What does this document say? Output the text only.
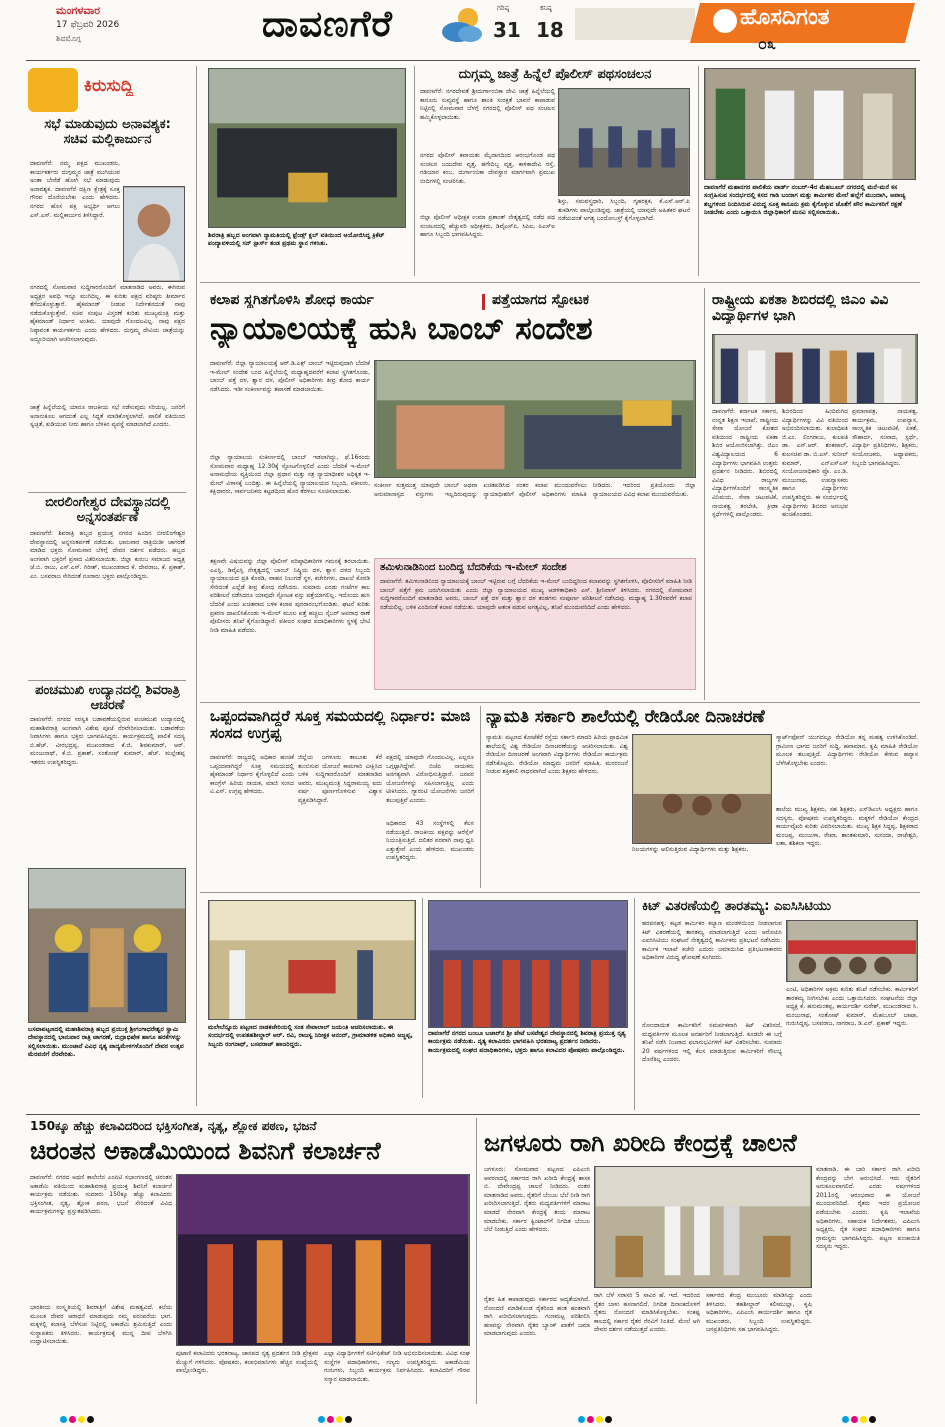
ಮಂಗಳವಾರ
17 ಫೆಬ್ರವರಿ 2026
ಶಿವಮೊಗ್ಗ	ದಾವಣಗೆರೆ	ಗರಿಷ್ಠ
31
ಕನಿಷ್ಠ
18	ಹೊಸದಿಗಂತ
೦೩
ಕಿರುಸುದ್ದಿ
ಸಭೆ ಮಾಡುವುದು ಅನಾವಶ್ಯಕ: ಸಚಿವ ಮಲ್ಲಿಕಾರ್ಜುನ
ದಾವಣಗೆರೆ: ನಮ್ಮ ಪಕ್ಷದ ಮುಖಂಡರು, ಕಾರ್ಯಕರ್ತರು ದುಗ್ಗಮ್ಮನ ಜಾತ್ರೆ ಮುಗಿಯುವ ಅಂತಾ ಬೇರೆಡೆ ಹೋಗಿ ಸಭೆ ಮಾಡುವುದು ಅನಾವಶ್ಯಕ. ದಾವಣಗೆರೆ ದಕ್ಷಿಣ ಕ್ಷೇತ್ರಕ್ಕೆ ಸೂಕ್ತ ಗೌರವ ದೊರೆಯಬೇಕು ಎಂದು ಹೇಳಿದರು. ನಗರದ ಹೊಸ ಪಕ್ಷ ಅಭ್ಯರ್ಥಿ ಆಗಲು ಎಸ್.ಎಸ್. ಮಲ್ಲಿಕಾರ್ಜುನ ತಿಳಿಸಿದ್ದಾರೆ.
ನಗರದಲ್ಲಿ ಸೋಮವಾರ ಸುದ್ದಿಗಾರರೊಂದಿಗೆ ಮಾತನಾಡಿದ ಅವರು, ಈಗಿರುವ ಅಧ್ಯಕ್ಷರ ಅವಧಿ ಇನ್ನೂ ಮುಗಿದಿಲ್ಲ. ಈ ಕುರಿತು ಪಕ್ಷದ ವರಿಷ್ಠರು ತೀರ್ಮಾನ ತೆಗೆದುಕೊಳ್ಳುತ್ತಾರೆ. ಹೈಕಮಾಂಡ್ ನೀಡುವ ನಿರ್ದೇಶನದಂತೆ ನಾವು ನಡೆದುಕೊಳ್ಳುತ್ತೇವೆ. ಸಚಿವ ಸಂಪುಟ ವಿಸ್ತರಣೆ ಕುರಿತು ಮುಖ್ಯಮಂತ್ರಿ ಮತ್ತು ಹೈಕಮಾಂಡ್ ನಿರ್ಧಾರ ಅಂತಿಮ. ಯಾವುದೇ ಗೊಂದಲವಿಲ್ಲ. ನಾವು ಪಕ್ಷದ ನಿಷ್ಠಾವಂತ ಕಾರ್ಯಕರ್ತರು ಎಂದು ಹೇಳಿದರು. ದುಗ್ಗಮ್ಮ ದೇವಿಯ ಜಾತ್ರೆಯನ್ನು ಅದ್ದೂರಿಯಾಗಿ ಆಚರಿಸಲಾಗುವುದು.
ಜಾತ್ರೆ ಹಿನ್ನೆಲೆಯಲ್ಲಿ ಯಾರೂ ರಾಜಕೀಯ ಸಭೆ ನಡೆಸುವುದು ಸರಿಯಲ್ಲ. ಜನರಿಗೆ ಅನಾನುಕೂಲ ಆಗದಂತೆ ಎಲ್ಲ ಸಿದ್ಧತೆ ಮಾಡಿಕೊಳ್ಳಲಾಗಿದೆ. ಪಾಲಿಕೆ ವತಿಯಿಂದ ಸ್ವಚ್ಛತೆ, ಕುಡಿಯುವ ನೀರು ಹಾಗೂ ಬೆಳಕಿನ ವ್ಯವಸ್ಥೆ ಮಾಡಲಾಗಿದೆ ಎಂದರು.
ಬೀರಲಿಂಗೇಶ್ವರ ದೇವಸ್ಥಾನದಲ್ಲಿ ಅನ್ನಸಂತರ್ಪಣೆ
ದಾವಣಗೆರೆ: ಶಿವರಾತ್ರಿ ಹಬ್ಬದ ಪ್ರಯುಕ್ತ ನಗರದ ಹಿಂದಿನ ಬೀರಲಿಂಗೇಶ್ವರ ದೇವಸ್ಥಾನದಲ್ಲಿ ಅನ್ನಸಂತರ್ಪಣೆ ನಡೆಯಿತು. ಭಾನುವಾರ ರಾತ್ರಿಯಿಡೀ ಜಾಗರಣೆ ಮಾಡಿದ ಭಕ್ತರು ಸೋಮವಾರ ಬೆಳಿಗ್ಗೆ ದೇವರ ದರ್ಶನ ಪಡೆದರು. ಹಬ್ಬದ ಅಂಗವಾಗಿ ಭಕ್ತರಿಗೆ ಪ್ರಸಾದ ವಿತರಿಸಲಾಯಿತು. ಜಿಲ್ಲಾ ಕುರುಬ ಸಮಾಜದ ಅಧ್ಯಕ್ಷ ಜೆ.ಬಿ. ರಾಜು, ಎಸ್.ಎಸ್. ಗಿರೀಶ್, ಮುಖಂಡರಾದ ಕೆ. ದೇವರಾಜ, ಕೆ. ಪ್ರಕಾಶ್, ಎಂ. ಬಸವರಾಜ ಸೇರಿದಂತೆ ನೂರಾರು ಭಕ್ತರು ಪಾಲ್ಗೊಂಡಿದ್ದರು.
ಪಂಚಮುಖಿ ಉದ್ಯಾನದಲ್ಲಿ ಶಿವರಾತ್ರಿ ಆಚರಣೆ
ದಾವಣಗೆರೆ: ನಗರದ ಸರಸ್ವತಿ ಬಡಾವಣೆಯಲ್ಲಿರುವ ಪಂಚಮುಖಿ ಉದ್ಯಾನದಲ್ಲಿ ಮಹಾಶಿವರಾತ್ರಿ ಅಂಗವಾಗಿ ವಿಶೇಷ ಪೂಜೆ ನೆರವೇರಿಸಲಾಯಿತು. ಬಡಾವಣೆಯ ನಿವಾಸಿಗಳು ಹಾಗೂ ಭಕ್ತರು ಭಾಗವಹಿಸಿದ್ದರು. ಕಾರ್ಯಕ್ರಮದಲ್ಲಿ ಪಾಲಿಕೆ ಸದಸ್ಯ ಬಿ.ಹೆಚ್. ವೀರಭದ್ರಪ್ಪ, ಮುಖಂಡರಾದ ಕೆ.ಜಿ. ಶಿವಕುಮಾರ್, ಆರ್. ಮಂಜುನಾಥ್, ಕೆ.ಬಿ. ಪ್ರಕಾಶ್, ಸಂತೋಷ್ ಕುಮಾರ್, ಹೆಚ್. ಮಲ್ಲೇಶಪ್ಪ ಇತರರು ಉಪಸ್ಥಿತರಿದ್ದರು.
ಬಸವಾಪಟ್ಟಣದಲ್ಲಿ ಮಹಾಶಿವರಾತ್ರಿ ಹಬ್ಬದ ಪ್ರಯುಕ್ತ ಶ್ರೀಗಂಗಾಧರೇಶ್ವರ ಸ್ವಾಮಿ ದೇವಸ್ಥಾನದಲ್ಲಿ ಭಾನುವಾರ ರಾತ್ರಿ ಜಾಗರಣೆ, ರುದ್ರಾಭಿಷೇಕ ಹಾಗೂ ಹರಕೆಗಳನ್ನು ಸಲ್ಲಿಸಲಾಯಿತು. ಮುಂಜಾನೆ ವಿವಿಧ ನೃತ್ಯ ವಾದ್ಯಮೇಳಗಳೊಂದಿಗೆ ದೇವರ ಉತ್ಸವ ಮೆರವಣಿಗೆ ನೆರವೇರಿತು.
ಶಿವರಾತ್ರಿ ಹಬ್ಬದ ಅಂಗವಾಗಿ ನ್ಯಾಮತಿಯಲ್ಲಿ ಫ್ರೆಂಡ್ಸ್ ಕ್ಲಬ್ ವತಿಯಿಂದ ಆಯೋಜಿಸಿದ್ದ ಕ್ರಿಕೆಟ್ ಪಂದ್ಯಾವಳಿಯಲ್ಲಿ ಸನ್ ಸ್ಟಾರ್ಸ್ ತಂಡ ಪ್ರಥಮ ಸ್ಥಾನ ಗಳಿಸಿತು.
ದುಗ್ಗಮ್ಮ ಜಾತ್ರೆ ಹಿನ್ನೆಲೆ ಪೊಲೀಸ್ ಪಥಸಂಚಲನ
ದಾವಣಗೆರೆ: ನಗರದೇವತೆ ಶ್ರೀದುರ್ಗಾಂಬಿಕಾ ದೇವಿ ಜಾತ್ರೆ ಹಿನ್ನೆಲೆಯಲ್ಲಿ ಕಾನೂನು ಸುವ್ಯವಸ್ಥೆ ಹಾಗೂ ಶಾಂತಿ ಸುರಕ್ಷತೆ ಭಾವನೆ ಕಾಪಾಡುವ ನಿಟ್ಟಿನಲ್ಲಿ ಸೋಮವಾರ ಬೆಳಗ್ಗೆ ನಗರದಲ್ಲಿ ಪೊಲೀಸ್ ಪಥ ಸಂಚಲನ ಹಮ್ಮಿಕೊಳ್ಳಲಾಯಿತು.
ನಗರದ ಪೊಲೀಸ್ ಕವಾಯತು ಮೈದಾನದಿಂದ ಆರಂಭಗೊಂಡ ಪಥ ಸಂಚಲನ ಜಯದೇವ ವೃತ್ತ, ಹಗೇದಿಬ್ಬ ವೃತ್ತ, ಕಾಳಿಕಾದೇವಿ ರಸ್ತೆ, ಗಡಿಯಾರ ಕಂಬ, ದುರ್ಗಾಂಬಿಕಾ ದೇವಸ್ಥಾನ ಮಾರ್ಗವಾಗಿ ಪ್ರಮುಖ ಬೀದಿಗಳಲ್ಲಿ ಸಂಚರಿಸಿತು.
ಜಿಲ್ಲಾ ಪೊಲೀಸ್ ಅಧೀಕ್ಷಕ ಉಮಾ ಪ್ರಶಾಂತ್ ನೇತೃತ್ವದಲ್ಲಿ ನಡೆದ ಪಥ ಸಂಚಲನದಲ್ಲಿ ಹೆಚ್ಚುವರಿ ಅಧೀಕ್ಷಕರು, ಡಿವೈಎಸ್‌ಪಿ, ಸಿಪಿಐ, ಪಿಎಸ್‌ಐ ಹಾಗೂ ಸಿಬ್ಬಂದಿ ಭಾಗವಹಿಸಿದ್ದರು.
ಶಿಸ್ತು, ಸಮವಸ್ತ್ರಧಾರಿ, ಸಿಬ್ಬಂದಿ, ಗೃಹರಕ್ಷಕ, ಕೆ.ಎಸ್.ಆರ್.ಪಿ ತುಕಡಿಗಳು ಪಾಲ್ಗೊಂಡಿದ್ದವು. ಜಾತ್ರೆಯಲ್ಲಿ ಯಾವುದೇ ಅಹಿತಕರ ಘಟನೆ ನಡೆಯದಂತೆ ಅಗತ್ಯ ಬಂದೋಬಸ್ತ್ ಕೈಗೊಳ್ಳಲಾಗಿದೆ.
ದಾವಣಗೆರೆ ಮಹಾನಗರ ಪಾಲಿಕೆಯ ವಾರ್ಡ್ ನಂಬರ್-4ರ ಮೆಹಬೂಬ್ ನಗರದಲ್ಲಿ ಮನೆ-ಮನೆ ಕಸ ಸಂಗ್ರಹಿಸುವ ಸಂದರ್ಭದಲ್ಲಿ ಕಸದ ಗಾಡಿ ಬಂದಾಗ ಮತ್ತು ಕಾರ್ಮಿಕರ ಮೇಲೆ ಹಲ್ಲೆಗೆ ಮುಂದಾಗಿ, ಅವಾಚ್ಯ ಶಬ್ದಗಳಿಂದ ನಿಂದಿಸಿರುವ ವಿರುದ್ಧ ಸೂಕ್ತ ಕಾನೂನು ಕ್ರಮ ಕೈಗೊಳ್ಳುವ ಜೊತೆಗೆ ಪೌರ ಕಾರ್ಮಿಕರಿಗೆ ರಕ್ಷಣೆ ನೀಡಬೇಕು ಎಂದು ಒತ್ತಾಯಿಸಿ ಜಿಲ್ಲಾಧಿಕಾರಿಗೆ ಮನವಿ ಸಲ್ಲಿಸಲಾಯಿತು.
ಕಲಾಪ ಸ್ಥಗಿತಗೊಳಿಸಿ ಶೋಧ ಕಾರ್ಯ	ಪತ್ತೆಯಾಗದ ಸ್ಫೋಟಕ
ನ್ಯಾಯಾಲಯಕ್ಕೆ ಹುಸಿ ಬಾಂಬ್ ಸಂದೇಶ
ದಾವಣಗೆರೆ: ಜಿಲ್ಲಾ ನ್ಯಾಯಾಲಯಕ್ಕೆ ಆರ್.ಡಿ.ಎಕ್ಸ್ ಬಾಂಬ್ ಇಟ್ಟಿರುವುದಾಗಿ ಬೆದರಿಕೆ ಇ-ಮೇಲ್ ಸಂದೇಶ ಬಂದ ಹಿನ್ನೆಲೆಯಲ್ಲಿ ಮಧ್ಯಾಹ್ನದವರೆಗೆ ಕಲಾಪ ಸ್ಥಗಿತಗೊಂಡು, ಬಾಂಬ್ ಪತ್ತೆ ದಳ, ಶ್ವಾನ ದಳ, ಪೊಲೀಸ್ ಅಧಿಕಾರಿಗಳು ತೀವ್ರ ಶೋಧ ಕಾರ್ಯ ನಡೆಸಿದರು. ಇಡೀ ಸಂಕೀರ್ಣವನ್ನು ತಪಾಸಣೆ ಮಾಡಲಾಯಿತು.
ಜಿಲ್ಲಾ ನ್ಯಾಯಾಲಯ ಸಂಕೀರ್ಣದಲ್ಲಿ ಬಾಂಬ್ ಇಡಲಾಗಿದ್ದು, ಫೆ.16ರಂದು ಸೋಮವಾರ ಮಧ್ಯಾಹ್ನ 12.30ಕ್ಕೆ ಸ್ಫೋಟಗೊಳ್ಳಲಿದೆ ಎಂದು ಬೆದರಿಕೆ ಇ-ಮೇಲ್ ಅನಾಮಧೇಯ ವ್ಯಕ್ತಿಯಿಂದ ಜಿಲ್ಲಾ ಪ್ರಧಾನ ಮತ್ತು ಸತ್ರ ನ್ಯಾಯಾಧೀಶರ ಅಧಿಕೃತ ಇ-ಮೇಲ್ ವಿಳಾಸಕ್ಕೆ ಬಂದಿತ್ತು. ಈ ಹಿನ್ನೆಲೆಯಲ್ಲಿ ನ್ಯಾಯಾಲಯದ ಸಿಬ್ಬಂದಿ, ವಕೀಲರು, ಕಕ್ಷಿದಾರರು, ಸಾರ್ವಜನಿಕರು ಕಟ್ಟಡದಿಂದ ಹೊರ ತೆರಳಲು ಸೂಚಿಸಲಾಯಿತು.
ತಕ್ಷಣವೇ ವಿಷಯವನ್ನು ಜಿಲ್ಲಾ ಪೊಲೀಸ್ ವರಿಷ್ಠಾಧಿಕಾರಿಗಳ ಗಮನಕ್ಕೆ ತರಲಾಯಿತು. ಎಎಸ್ಪಿ, ಡಿವೈಎಸ್ಪಿ ನೇತೃತ್ವದಲ್ಲಿ ಬಾಂಬ್ ನಿಷ್ಕ್ರಿಯ ದಳ, ಶ್ವಾನ ದಳದ ಸಿಬ್ಬಂದಿ ನ್ಯಾಯಾಲಯದ ಪ್ರತಿ ಕೊಠಡಿ, ವಾಹನ ನಿಲುಗಡೆ ಸ್ಥಳ, ಕಚೇರಿಗಳು, ದಾಖಲೆ ಕೊಠಡಿ ಸೇರಿದಂತೆ ಎಲ್ಲೆಡೆ ತೀವ್ರ ಶೋಧ ನಡೆಸಿದರು. ಸುಮಾರು ಎರಡು ಗಂಟೆಗಳ ಕಾಲ ಪರಿಶೀಲನೆ ನಡೆಸಿದರೂ ಯಾವುದೇ ಸ್ಫೋಟಕ ವಸ್ತು ಪತ್ತೆಯಾಗಲಿಲ್ಲ. ಇದೊಂದು ಹುಸಿ ಬೆದರಿಕೆ ಎಂದು ಖಚಿತವಾದ ಬಳಿಕ ಕಲಾಪ ಪುನರಾರಂಭಗೊಂಡಿತು. ಘಟನೆ ಕುರಿತು ಪ್ರಕರಣ ದಾಖಲಿಸಿಕೊಂಡು ಇ-ಮೇಲ್ ಮೂಲ ಪತ್ತೆ ಹಚ್ಚಲು ಸೈಬರ್ ಅಪರಾಧ ಠಾಣೆ ಪೊಲೀಸರು ತನಿಖೆ ಕೈಗೊಂಡಿದ್ದಾರೆ. ವಕೀಲರ ಸಂಘದ ಪದಾಧಿಕಾರಿಗಳು ಸ್ಥಳಕ್ಕೆ ಭೇಟಿ ನೀಡಿ ಮಾಹಿತಿ ಪಡೆದರು.
ಸಂಕೀರ್ಣ ಸುತ್ತಮುತ್ತ ಯಾವುದೇ ಬಾಂಬ್ ಅಥವಾ ಅನುಮಾನಾಸ್ಪದ ವಸ್ತುಗಳು ಇಲ್ಲದಿರುವುದನ್ನು ಖಚಿತಪಡಿಸಿದ ನಂತರ ಕಲಾಪ ಮುಂದುವರೆಸಲು ನ್ಯಾಯಾಧೀಶರಿಗೆ ಪೊಲೀಸ್ ಅಧಿಕಾರಿಗಳು ಮಾಹಿತಿ ನೀಡಿದರು. ಇದರಿಂದ ಪ್ರತಿಯೊಂದು ಜಿಲ್ಲಾ ನ್ಯಾಯಾಲಯದ ವಿವಿಧ ಕಲಾಪ ಮುಂದುವರೆಯಿತು.
ತಮಿಳುನಾಡಿನಿಂದ ಬಂದಿದ್ದ ಬೆದರಿಕೆಯ ಇ-ಮೇಲ್ ಸಂದೇಶ
ದಾವಣಗೆರೆ: ತಮಿಳುನಾಡಿನಿಂದ ನ್ಯಾಯಾಲಯಕ್ಕೆ ಬಾಂಬ್ ಇಟ್ಟಿರುವ ಬಗ್ಗೆ ಬೆದರಿಕೆಯ ಇ-ಮೇಲ್ ಬಂದಿದ್ದರಿಂದ ಕಲಾಪವನ್ನು ಸ್ಥಗಿತಗೊಳಿಸಿ, ಪೊಲೀಸರಿಗೆ ಮಾಹಿತಿ ನೀಡಿ ಬಾಂಬ್ ಪತ್ತೆಗೆ ಕ್ರಮ ಜರುಗಿಸಲಾಯಿತು ಎಂದು ಜಿಲ್ಲಾ ನ್ಯಾಯಾಲಯದ ಮುಖ್ಯ ಆಡಳಿತಾಧಿಕಾರಿ ಎಸ್. ಶ್ರೀನಿವಾಸ್ ತಿಳಿಸಿದರು. ನಗರದಲ್ಲಿ ಸೋಮವಾರ ಸುದ್ದಿಗಾರರೊಂದಿಗೆ ಮಾತನಾಡಿದ ಅವರು, ಬಾಂಬ್ ಪತ್ತೆ ದಳ ಮತ್ತು ಶ್ವಾನ ದಳ ತಂಡಗಳು ಸಂಪೂರ್ಣ ಪರಿಶೀಲನೆ ನಡೆಸಿದವು. ಮಧ್ಯಾಹ್ನ 1.30ರವರೆಗೆ ಕಲಾಪ ನಡೆಯಲಿಲ್ಲ. ಬಳಿಕ ಎಂದಿನಂತೆ ಕಲಾಪ ನಡೆಯಿತು. ಯಾವುದೇ ಆತಂಕ ಪಡುವ ಅಗತ್ಯವಿಲ್ಲ, ತನಿಖೆ ಮುಂದುವರಿದಿದೆ ಎಂದು ಹೇಳಿದರು.
ರಾಷ್ಟ್ರೀಯ ಏಕತಾ ಶಿಬಿರದಲ್ಲಿ ಜಿಎಂ ವಿವಿ ವಿದ್ಯಾರ್ಥಿಗಳ ಭಾಗಿ
ದಾವಣಗೆರೆ: ಕರ್ನಾಟಕ ಸರ್ಕಾರ, ಉನ್ನತ ಶಿಕ್ಷಣ ಇಲಾಖೆ, ರಾಷ್ಟ್ರೀಯ ಸೇವಾ ಯೋಜನೆ ಕೋಶದ ವತಿಯಿಂದ ರಾಷ್ಟ್ರೀಯ ಏಕತಾ ಶಿಬಿರ ಆಯೋಜಿಸಲಾಗಿತ್ತು. ಜಿಎಂ ವಿಶ್ವವಿದ್ಯಾಲಯದ 6 ವಿದ್ಯಾರ್ಥಿಗಳು ಭಾಗವಹಿಸಿ ಉತ್ತಮ ಪ್ರದರ್ಶನ ನೀಡಿದರು. ಶಿಬಿರದಲ್ಲಿ ವಿವಿಧ ರಾಜ್ಯಗಳ ವಿದ್ಯಾರ್ಥಿಗಳೊಂದಿಗೆ ಸಾಂಸ್ಕೃತಿಕ ವಿನಿಮಯ, ಸೇವಾ ಚಟುವಟಿಕೆ, ನಾಯಕತ್ವ ತರಬೇತಿ, ಕ್ರೀಡಾ ಸ್ಪರ್ಧೆಗಳಲ್ಲಿ ಪಾಲ್ಗೊಂಡರು.
ಶಿಬಿರದಿಂದ ಹಿಂದಿರುಗಿದ ವಿದ್ಯಾರ್ಥಿಗಳನ್ನು ವಿವಿ ವತಿಯಿಂದ ಅಭಿನಂದಿಸಲಾಯಿತು. ಕುಲಾಧಿಪತಿ ಜಿ.ಎಂ. ಲಿಂಗರಾಜು, ಕುಲಪತಿ ಡಾ. ಎಸ್.ಆರ್. ಶಂಕಪಾಲ್, ಕುಲಸಚಿವ ಡಾ. ಬಿ.ಎಸ್. ಸುನೀಲ್ ಕುಮಾರ್, ಎನ್‌ಎಸ್‌ಎಸ್ ಸಂಯೋಜನಾಧಿಕಾರಿ ಪ್ರೊ. ಎಂ.ಡಿ. ಮಂಜುನಾಥ, ಉಪನ್ಯಾಸಕರು ಹಾಗೂ ವಿದ್ಯಾರ್ಥಿಗಳು ಉಪಸ್ಥಿತರಿದ್ದರು. ಈ ಸಂದರ್ಭದಲ್ಲಿ ವಿದ್ಯಾರ್ಥಿಗಳು ಶಿಬಿರದ ಅನುಭವ ಹಂಚಿಕೊಂಡರು.
ಪ್ರಮಾಣಪತ್ರ, ನಾಯಕತ್ವ, ಕಾರ್ಯಕ್ರಮ, ಉಪನ್ಯಾಸ, ಸಾಂಸ್ಕೃತಿಕ ಚಟುವಟಿಕೆ, ಏಕತೆ, ಸೌಹಾರ್ದ, ಸಂವಾದ, ಸ್ಪರ್ಧೆ, ವಿದ್ಯಾರ್ಥಿ ಪ್ರತಿನಿಧಿಗಳು, ಶಿಕ್ಷಕರು, ಸಂಯೋಜಕರು, ಅಧ್ಯಾಪಕರು, ಸಿಬ್ಬಂದಿ ಭಾಗವಹಿಸಿದ್ದರು.
ಒಪ್ಪಂದವಾಗಿದ್ದರೆ ಸೂಕ್ತ ಸಮಯದಲ್ಲಿ ನಿರ್ಧಾರ: ಮಾಜಿ ಸಂಸದ ಉಗ್ರಪ್ಪ
ದಾವಣಗೆರೆ: ರಾಜ್ಯದಲ್ಲಿ ಅಧಿಕಾರ ಹಂಚಿಕೆ ಒಪ್ಪಂದವಾಗಿದ್ದರೆ ಸೂಕ್ತ ಸಮಯದಲ್ಲಿ ಹೈಕಮಾಂಡ್ ನಿರ್ಧಾರ ಕೈಗೊಳ್ಳಲಿದೆ ಎಂದು ಕಾಂಗ್ರೆಸ್ ಹಿರಿಯ ನಾಯಕ, ಮಾಜಿ ಸಂಸದ ವಿ.ಎಸ್. ಉಗ್ರಪ್ಪ ಹೇಳಿದರು.
ಜಿಲ್ಲೆಯ ಜಗಳೂರು ತಾಲೂಕು ಕೆರೆ ತುಂಬಿಸುವ ಯೋಜನೆ ಕಾಮಗಾರಿ ವೀಕ್ಷಿಸಿದ ಬಳಿಕ ಸುದ್ದಿಗಾರರೊಂದಿಗೆ ಮಾತನಾಡಿದ ಅವರು, ಮುಖ್ಯಮಂತ್ರಿ ಸಿದ್ದರಾಮಯ್ಯ ಐದು ವರ್ಷ ಪೂರ್ಣಗೊಳಿಸುವ ವಿಶ್ವಾಸ ವ್ಯಕ್ತಪಡಿಸಿದ್ದಾರೆ.
ಪಕ್ಷದಲ್ಲಿ ಯಾವುದೇ ಗೊಂದಲವಿಲ್ಲ, ಎಲ್ಲರೂ ಒಗ್ಗಟ್ಟಾಗಿದ್ದೇವೆ. ಬಿಜೆಪಿ ನಾಯಕರು ಅನಗತ್ಯವಾಗಿ ವಿರೋಧಿಸುತ್ತಿದ್ದಾರೆ. ಜನಪರ ಯೋಜನೆಗಳನ್ನು ಸಹಿಸಲಾಗುತ್ತಿಲ್ಲ ಎಂದು ಟೀಕಿಸಿದರು. ಗ್ಯಾರಂಟಿ ಯೋಜನೆಗಳು ಜನರಿಗೆ ತಲುಪುತ್ತಿವೆ ಎಂದರು.
ಅಧಿಕಾರದ 43 ಸಂಸ್ಥೆಗಳಲ್ಲಿ ಕೆಲಸ ನಡೆಯುತ್ತಿದೆ. ರಾಜಕೀಯ ಪಕ್ಷವನ್ನು ಆರೆಸ್ಸೆಸ್ ನಿಯಂತ್ರಿಸುತ್ತಿದೆ. ದಲಿತರ ಪರವಾಗಿ ನಾವು ಧ್ವನಿ ಎತ್ತುತ್ತೇವೆ ಎಂದು ಹೇಳಿದರು. ಮುಖಂಡರು ಉಪಸ್ಥಿತರಿದ್ದರು.
ನ್ಯಾಮತಿ ಸರ್ಕಾರಿ ಶಾಲೆಯಲ್ಲಿ ರೇಡಿಯೋ ದಿನಾಚರಣೆ
ನ್ಯಾಮತಿ: ಪಟ್ಟಣದ ಕೋಟೆಕೆರೆ ರಸ್ತೆಯ ಸರ್ಕಾರಿ ಮಾದರಿ ಹಿರಿಯ ಪ್ರಾಥಮಿಕ ಶಾಲೆಯಲ್ಲಿ ವಿಶ್ವ ರೇಡಿಯೋ ದಿನಾಚರಣೆಯನ್ನು ಆಚರಿಸಲಾಯಿತು. ವಿಶ್ವ ರೇಡಿಯೋ ದಿನಾಚರಣೆ ಅಂಗವಾಗಿ ವಿದ್ಯಾರ್ಥಿಗಳು ರೇಡಿಯೋ ಕಾರ್ಯಕ್ರಮ ನಡೆಸಿಕೊಟ್ಟರು. ರೇಡಿಯೋ ಮಾಧ್ಯಮ ಜನರಿಗೆ ಮಾಹಿತಿ, ಮನರಂಜನೆ ನೀಡುವ ಶಕ್ತಿಶಾಲಿ ಸಾಧನವಾಗಿದೆ ಎಂದು ಶಿಕ್ಷಕರು ಹೇಳಿದರು.
ನಿಲಯಗಳನ್ನು ಆಲಿಸುತ್ತಿರುವ ವಿದ್ಯಾರ್ಥಿಗಳು ಮತ್ತು ಶಿಕ್ಷಕರು.
ಸ್ಮಾರ್ಟ್‌ಫೋನ್ ಯುಗದಲ್ಲೂ ರೇಡಿಯೋ ತನ್ನ ಮಹತ್ವ ಉಳಿಸಿಕೊಂಡಿದೆ. ಗ್ರಾಮೀಣ ಭಾಗದ ಜನರಿಗೆ ಸುದ್ದಿ, ಹವಾಮಾನ, ಕೃಷಿ ಮಾಹಿತಿ ರೇಡಿಯೋ ಮೂಲಕ ತಲುಪುತ್ತಿದೆ. ವಿದ್ಯಾರ್ಥಿಗಳು ರೇಡಿಯೋ ಕೇಳುವ ಹವ್ಯಾಸ ಬೆಳೆಸಿಕೊಳ್ಳಬೇಕು ಎಂದರು.
ಶಾಲೆಯ ಮುಖ್ಯ ಶಿಕ್ಷಕರು, ಸಹ ಶಿಕ್ಷಕರು, ಎಸ್‌ಡಿಎಂಸಿ ಅಧ್ಯಕ್ಷರು ಹಾಗೂ ಸದಸ್ಯರು, ಪೋಷಕರು ಉಪಸ್ಥಿತರಿದ್ದರು. ಮಕ್ಕಳಿಗೆ ರೇಡಿಯೋ ಕೇಂದ್ರದ ಕಾರ್ಯವೈಖರಿ ಕುರಿತು ವಿವರಿಸಲಾಯಿತು. ಮುಖ್ಯ ಶಿಕ್ಷಕ ಸಿದ್ದಪ್ಪ, ಶಿಕ್ಷಕರಾದ ಮಂಜಪ್ಪ, ಮಂಜುಳಾ, ರೇಖಾ, ಶಾಂತಕುಮಾರಿ, ಸುನಂದಾ, ರಾಜೇಶ್ವರಿ, ಲತಾ, ಶಶಿಕಲಾ ಇದ್ದರು.
ಮಲೇಬೆನ್ನೂರು ಪಟ್ಟಣದ ನಾಡಕಚೇರಿಯಲ್ಲಿ ಸಂತ ಸೇವಾಲಾಲ್ ಜಯಂತಿ ಆಚರಿಸಲಾಯಿತು. ಈ ಸಂದರ್ಭದಲ್ಲಿ ಉಪತಹಶೀಲ್ದಾರ್ ಆರ್. ರವಿ, ರಾಜಸ್ವ ನಿರೀಕ್ಷಕ ಆನಂದ್, ಗ್ರಾಮಾಡಳಿತ ಅಧಿಕಾರಿ ಅಜ್ಜಪ್ಪ, ಸಿಬ್ಬಂದಿ ರಂಗನಾಥ್, ಬಸವರಾಜ್ ಹಾಜರಿದ್ದರು.
ದಾವಣಗೆರೆ ನಗರದ ಬಂಬೂ ಬಜಾರ್‌ನ ಶ್ರೀ ಪೇಟೆ ಬಸವೇಶ್ವರ ದೇವಸ್ಥಾನದಲ್ಲಿ ಶಿವರಾತ್ರಿ ಪ್ರಯುಕ್ತ ನೃತ್ಯ ಕಾರ್ಯಕ್ರಮ ನಡೆಯಿತು. ನೃತ್ಯ ಕಲಾವಿದರು ಭಾಗವಹಿಸಿ ಭರತನಾಟ್ಯ ಪ್ರದರ್ಶನ ನೀಡಿದರು. ಕಾರ್ಯಕ್ರಮದಲ್ಲಿ ಸಂಘದ ಪದಾಧಿಕಾರಿಗಳು, ಭಕ್ತರು ಹಾಗೂ ಕಲಾವಿದರ ಪೋಷಕರು ಪಾಲ್ಗೊಂಡಿದ್ದರು.
ಕಿಟ್ ವಿತರಣೆಯಲ್ಲಿ ತಾರತಮ್ಯ: ಎಐಸಿಸಿಟಿಯು
ಹರಪನಹಳ್ಳಿ: ಕಟ್ಟಡ ಕಾರ್ಮಿಕರ ಕಲ್ಯಾಣ ಮಂಡಳಿಯಿಂದ ನೀಡಲಾಗುವ ಕಿಟ್ ವಿತರಣೆಯಲ್ಲಿ ತಾರತಮ್ಯ ಮಾಡಲಾಗುತ್ತಿದೆ ಎಂದು ಆರೋಪಿಸಿ ಎಐಸಿಸಿಟಿಯು ಸಂಘಟನೆ ನೇತೃತ್ವದಲ್ಲಿ ಕಾರ್ಮಿಕರು ಪ್ರತಿಭಟನೆ ನಡೆಸಿದರು. ಕಾರ್ಮಿಕ ಇಲಾಖೆ ಕಚೇರಿ ಎದುರು ಜಮಾಯಿಸಿದ ಪ್ರತಿಭಟನಾಕಾರರು ಅಧಿಕಾರಿಗಳ ವಿರುದ್ಧ ಘೋಷಣೆ ಕೂಗಿದರು.
ನೋಂದಾಯಿತ ಕಾರ್ಮಿಕರಿಗೆ ಸಮರ್ಪಕವಾಗಿ ಕಿಟ್ ವಿತರಿಸದೆ, ಮಧ್ಯವರ್ತಿಗಳ ಮೂಲಕ ಅನರ್ಹರಿಗೆ ನೀಡಲಾಗುತ್ತಿದೆ. ಕೂಡಲೇ ಈ ಬಗ್ಗೆ ತನಿಖೆ ನಡೆಸಿ ನಿಜವಾದ ಫಲಾನುಭವಿಗಳಿಗೆ ಕಿಟ್ ವಿತರಿಸಬೇಕು. ಸುಮಾರು 20 ವರ್ಷಗಳಿಂದ ಇಲ್ಲಿ ಕೆಲಸ ಮಾಡುತ್ತಿರುವ ಕಾರ್ಮಿಕರಿಗೆ ಸೌಲಭ್ಯ ದೊರೆತಿಲ್ಲ ಎಂದರು.
ಎಂಟಿ, ಅಧಿಕಾರಿಗಳ ಅಕ್ರಮ ಕುರಿತು ತನಿಖೆ ನಡೆಸಬೇಕು. ಕಾರ್ಮಿಕರಿಗೆ ತಾರತಮ್ಯ ನೀಗಿಸಬೇಕು ಎಂದು ಒತ್ತಾಯಿಸಿದರು. ಸಂಘಟನೆಯ ಜಿಲ್ಲಾ ಅಧ್ಯಕ್ಷ ಕೆ. ಹನುಮಂತಪ್ಪ, ಕಾರ್ಯದರ್ಶಿ ಸುರೇಶ್, ಮುಖಂಡರಾದ ಸಿ. ಮಂಜುನಾಥ, ಸಂತೋಷ್ ಕುಮಾರ್, ಮೆಹಬೂಬ್ ಬಾಷಾ, ಗುರುಸಿದ್ದಪ್ಪ, ಬಸವರಾಜ, ನಾಗರಾಜ, ಡಿ.ಎನ್. ಪ್ರಕಾಶ್ ಇದ್ದರು.
150ಕ್ಕೂ ಹೆಚ್ಚು ಕಲಾವಿದರಿಂದ ಭಕ್ತಿಸಂಗೀತ, ನೃತ್ಯ, ಶ್ಲೋಕ ಪಠಣ, ಭಜನೆ
ಚಿರಂತನ ಅಕಾಡೆಮಿಯಿಂದ ಶಿವನಿಗೆ ಕಲಾರ್ಚನೆ
ದಾವಣಗೆರೆ: ನಗರದ ಅಥಣಿ ಕಾಲೇಜಿನ ಎಂಪಿಟಿ ಸಭಾಂಗಣದಲ್ಲಿ ಚಿರಂತನ ಅಕಾಡೆಮಿ ವತಿಯಿಂದ ಮಹಾಶಿವರಾತ್ರಿ ಪ್ರಯುಕ್ತ ಶಿವನಿಗೆ ಕಲಾರ್ಚನೆ ಕಾರ್ಯಕ್ರಮ ನಡೆಯಿತು. ಸುಮಾರು 150ಕ್ಕೂ ಹೆಚ್ಚು ಕಲಾವಿದರು ಭಕ್ತಿಸಂಗೀತ, ನೃತ್ಯ, ಶ್ಲೋಕ ಪಠಣ, ಭಜನೆ ಸೇರಿದಂತೆ ವಿವಿಧ ಕಾರ್ಯಕ್ರಮಗಳನ್ನು ಪ್ರಸ್ತುತಪಡಿಸಿದರು.
ಭಾರತೀಯ ಸಂಸ್ಕೃತಿಯಲ್ಲಿ ಶಿವರಾತ್ರಿಗೆ ವಿಶೇಷ ಮಹತ್ವವಿದೆ. ಕಲೆಯ ಮೂಲಕ ದೇವರ ಆರಾಧನೆ ಮಾಡುವುದು ನಮ್ಮ ಪರಂಪರೆಯ ಭಾಗ. ಮಕ್ಕಳಲ್ಲಿ ಕಲಾಸಕ್ತಿ ಬೆಳೆಸುವ ನಿಟ್ಟಿನಲ್ಲಿ ಅಕಾಡೆಮಿ ಶ್ರಮಿಸುತ್ತಿದೆ ಎಂದು ಸಂಸ್ಥಾಪಕರು ತಿಳಿಸಿದರು. ಕಾರ್ಯಕ್ರಮಕ್ಕೆ ಮುನ್ನ ದೀಪ ಬೆಳಗಿಸಿ ಉದ್ಘಾಟಿಸಲಾಯಿತು.
ಪುಟಾಣಿ ಕಲಾವಿದರು ಭರತನಾಟ್ಯ, ಜಾನಪದ ನೃತ್ಯ ಪ್ರದರ್ಶನ ನೀಡಿ ಪ್ರೇಕ್ಷಕರ ಮೆಚ್ಚುಗೆ ಗಳಿಸಿದರು. ಪೋಷಕರು, ಕಲಾಭಿಮಾನಿಗಳು ಹೆಚ್ಚಿನ ಸಂಖ್ಯೆಯಲ್ಲಿ ಪಾಲ್ಗೊಂಡಿದ್ದರು.
ಎಲ್ಲಾ ವಿದ್ಯಾರ್ಥಿಗಳಿಗೆ ಸರ್ಟಿಫಿಕೇಟ್ ನೀಡಿ ಅಭಿನಂದಿಸಲಾಯಿತು. ವಿವಿಧ ಸಂಘ ಸಂಸ್ಥೆಗಳ ಪದಾಧಿಕಾರಿಗಳು, ಗಣ್ಯರು ಉಪಸ್ಥಿತರಿದ್ದರು. ಅಕಾಡೆಮಿಯ ಗುರುಗಳು, ಸಿಬ್ಬಂದಿ ಕಾರ್ಯಕ್ರಮ ನಿರ್ವಹಿಸಿದರು. ಕಲಾವಿದರಿಗೆ ಗೌರವ ಸನ್ಮಾನ ಮಾಡಲಾಯಿತು.
ಜಗಳೂರು ರಾಗಿ ಖರೀದಿ ಕೇಂದ್ರಕ್ಕೆ ಚಾಲನೆ
ಜಗಳೂರು: ಸೋಮವಾರ ಪಟ್ಟಣದ ಎಪಿಎಂಸಿ ಆವರಣದಲ್ಲಿ ಸರ್ಕಾರದ ರಾಗಿ ಖರೀದಿ ಕೇಂದ್ರಕ್ಕೆ ಶಾಸಕ ಬಿ. ದೇವೇಂದ್ರಪ್ಪ ಚಾಲನೆ ನೀಡಿದರು. ನಂತರ ಮಾತನಾಡಿದ ಅವರು, ರೈತರಿಗೆ ಬೆಂಬಲ ಬೆಲೆ ನೀಡಿ ರಾಗಿ ಖರೀದಿಸಲಾಗುತ್ತಿದೆ. ರೈತರು ಮಧ್ಯವರ್ತಿಗಳಿಗೆ ಮಾರಾಟ ಮಾಡದೆ ನೇರವಾಗಿ ಕೇಂದ್ರಕ್ಕೆ ತಂದು ಮಾರಾಟ ಮಾಡಬೇಕು. ಸರ್ಕಾರ ಕ್ವಿಂಟಾಲ್‌ಗೆ ನಿಗದಿತ ಬೆಂಬಲ ಬೆಲೆ ನೀಡುತ್ತಿದೆ ಎಂದು ಹೇಳಿದರು.
ರೈತರ ಹಿತ ಕಾಪಾಡುವುದು ಸರ್ಕಾರದ ಆದ್ಯತೆಯಾಗಿದೆ. ನೋಂದಣಿ ಮಾಡಿಕೊಂಡ ರೈತರಿಂದ ಹಂತ ಹಂತವಾಗಿ ರಾಗಿ ಖರೀದಿಸಲಾಗುವುದು. ಗುಣಮಟ್ಟ ಪರಿಶೀಲಿಸಿ ಹಣವನ್ನು ನೇರವಾಗಿ ರೈತರ ಬ್ಯಾಂಕ್ ಖಾತೆಗೆ ಜಮಾ ಮಾಡಲಾಗುವುದು ಎಂದರು.
ರಾಗಿ ಬೆಳೆ ಸರಾಸರಿ 5 ಸಾವಿರ ಹೆ. ಇದೆ. ಇದರಿಂದ ರೈತರ ಬಾಳು ಹಸನಾಗಲಿದೆ. ನಿಗದಿತ ದಿನಾಂಕದೊಳಗೆ ರೈತರು ನೋಂದಣಿ ಮಾಡಿಸಿಕೊಳ್ಳಬೇಕು. ಸಂಕಷ್ಟ ಕಾಲದಲ್ಲಿ ಸರ್ಕಾರ ರೈತರ ನೆರವಿಗೆ ನಿಂತಿದೆ. ಮೇಲೆ ಆಗಿ ದೇವರ ದರ್ಶನ ನಡೆಯುತ್ತದೆ ಎಂದರು.
ಸರ್ಕಾರದ ಕೇಂದ್ರ ಮಂಜೂರು ಮಾಡಿಸಿದ್ದು ಎಂದು ತಿಳಿಸಿದರು. ತಹಶೀಲ್ದಾರ್ ಕಲೀಮುಲ್ಲಾ, ಕೃಷಿ ಅಧಿಕಾರಿಗಳು, ಎಪಿಎಂಸಿ ಕಾರ್ಯದರ್ಶಿ ಹಾಗೂ ರೈತ ಮುಖಂಡರು, ಸಿಬ್ಬಂದಿ ಉಪಸ್ಥಿತರಿದ್ದರು. ಜನಪ್ರತಿನಿಧಿಗಳು ಸಹ ಭಾಗವಹಿಸಿದ್ದರು.
ಮಾತನಾಡಿ, ಈ ಬಾರಿ ಸರ್ಕಾರ ರಾಗಿ ಖರೀದಿ ಕೇಂದ್ರವನ್ನು ಬೇಗ ಆರಂಭಿಸಿದೆ. ಇದು ರೈತರಿಗೆ ಅನುಕೂಲವಾಗಲಿದೆ. ಎರಡು ವರ್ಷಗಳಿಂದ 2011ರಲ್ಲಿ ಆರಂಭವಾದ ಈ ಯೋಜನೆ ಮುಂದುವರಿದಿದೆ. ರೈತರು ಇದರ ಪ್ರಯೋಜನ ಪಡೆಯಬೇಕು ಎಂದರು. ಕೃಷಿ ಇಲಾಖೆಯ ಅಧಿಕಾರಿಗಳು, ಸಹಾಯಕ ನಿರ್ದೇಶಕರು, ಎಪಿಎಂಸಿ ಅಧ್ಯಕ್ಷರು, ರೈತ ಸಂಘದ ಪದಾಧಿಕಾರಿಗಳು ಹಾಗೂ ಗ್ರಾಮಸ್ಥರು ಭಾಗವಹಿಸಿದ್ದರು. ಪಟ್ಟಣ ಪಂಚಾಯಿತಿ ಸದಸ್ಯರು ಇದ್ದರು.
